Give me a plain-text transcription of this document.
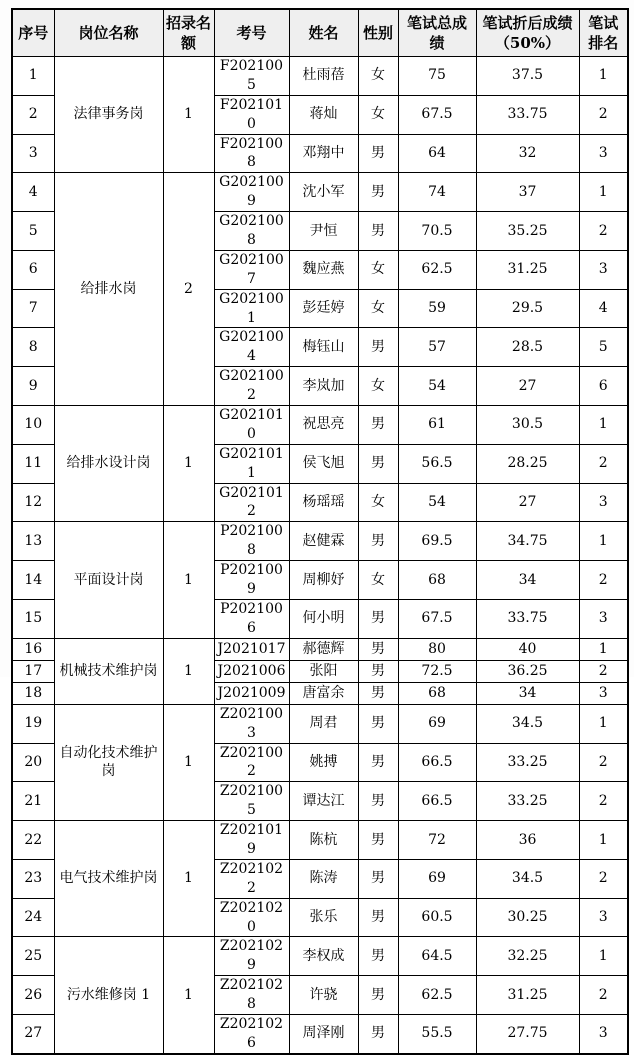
序号	岗位名称	招录名额	考号	姓名	性别	笔试总成绩	笔试折后成绩（50%）	笔试排名
1	法律事务岗	1	F2021005	杜雨蓓	女	75	37.5	1
2			F2021010	蒋灿	女	67.5	33.75	2
3			F2021008	邓翔中	男	64	32	3
4	给排水岗	2	G2021009	沈小军	男	74	37	1
5			G2021008	尹恒	男	70.5	35.25	2
6			G2021007	魏应燕	女	62.5	31.25	3
7			G2021001	彭廷婷	女	59	29.5	4
8			G2021004	梅钰山	男	57	28.5	5
9			G2021002	李岚加	女	54	27	6
10	给排水设计岗	1	G2021010	祝思亮	男	61	30.5	1
11			G2021011	侯飞旭	男	56.5	28.25	2
12			G2021012	杨瑶瑶	女	54	27	3
13	平面设计岗	1	P2021008	赵健霖	男	69.5	34.75	1
14			P2021009	周柳妤	女	68	34	2
15			P2021006	何小明	男	67.5	33.75	3
16	机械技术维护岗	1	J2021017	郝德辉	男	80	40	1
17			J2021006	张阳	男	72.5	36.25	2
18			J2021009	唐富余	男	68	34	3
19	自动化技术维护岗	1	Z2021003	周君	男	69	34.5	1
20			Z2021002	姚搏	男	66.5	33.25	2
21			Z2021005	谭达江	男	66.5	33.25	2
22	电气技术维护岗	1	Z2021019	陈杭	男	72	36	1
23			Z2021022	陈涛	男	69	34.5	2
24			Z2021020	张乐	男	60.5	30.25	3
25	污水维修岗 1	1	Z2021029	李权成	男	64.5	32.25	1
26			Z2021028	许骁	男	62.5	31.25	2
27			Z2021026	周泽刚	男	55.5	27.75	3
